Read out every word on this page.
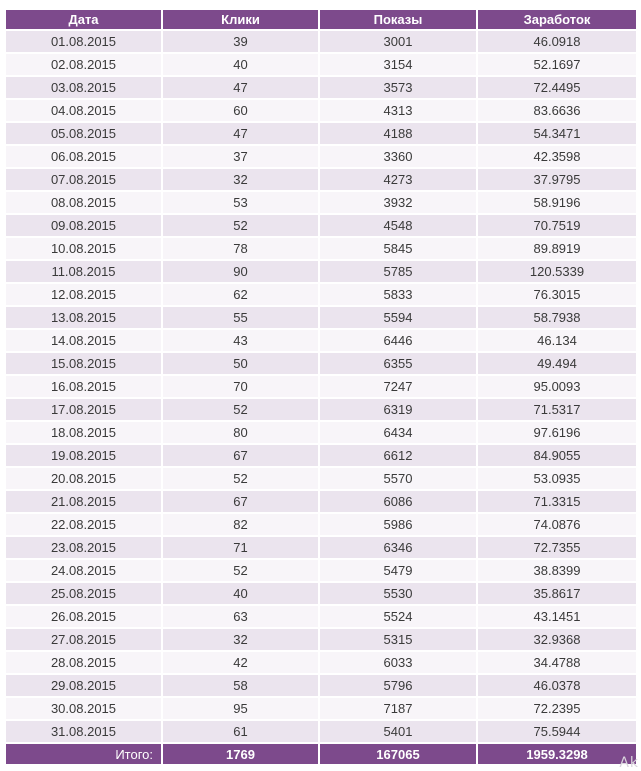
Дата	Клики	Показы	Заработок
01.08.2015	39	3001	46.0918
02.08.2015	40	3154	52.1697
03.08.2015	47	3573	72.4495
04.08.2015	60	4313	83.6636
05.08.2015	47	4188	54.3471
06.08.2015	37	3360	42.3598
07.08.2015	32	4273	37.9795
08.08.2015	53	3932	58.9196
09.08.2015	52	4548	70.7519
10.08.2015	78	5845	89.8919
11.08.2015	90	5785	120.5339
12.08.2015	62	5833	76.3015
13.08.2015	55	5594	58.7938
14.08.2015	43	6446	46.134
15.08.2015	50	6355	49.494
16.08.2015	70	7247	95.0093
17.08.2015	52	6319	71.5317
18.08.2015	80	6434	97.6196
19.08.2015	67	6612	84.9055
20.08.2015	52	5570	53.0935
21.08.2015	67	6086	71.3315
22.08.2015	82	5986	74.0876
23.08.2015	71	6346	72.7355
24.08.2015	52	5479	38.8399
25.08.2015	40	5530	35.8617
26.08.2015	63	5524	43.1451
27.08.2015	32	5315	32.9368
28.08.2015	42	6033	34.4788
29.08.2015	58	5796	46.0378
30.08.2015	95	7187	72.2395
31.08.2015	61	5401	75.5944
Итого:	1769	167065	1959.3298
Ak
